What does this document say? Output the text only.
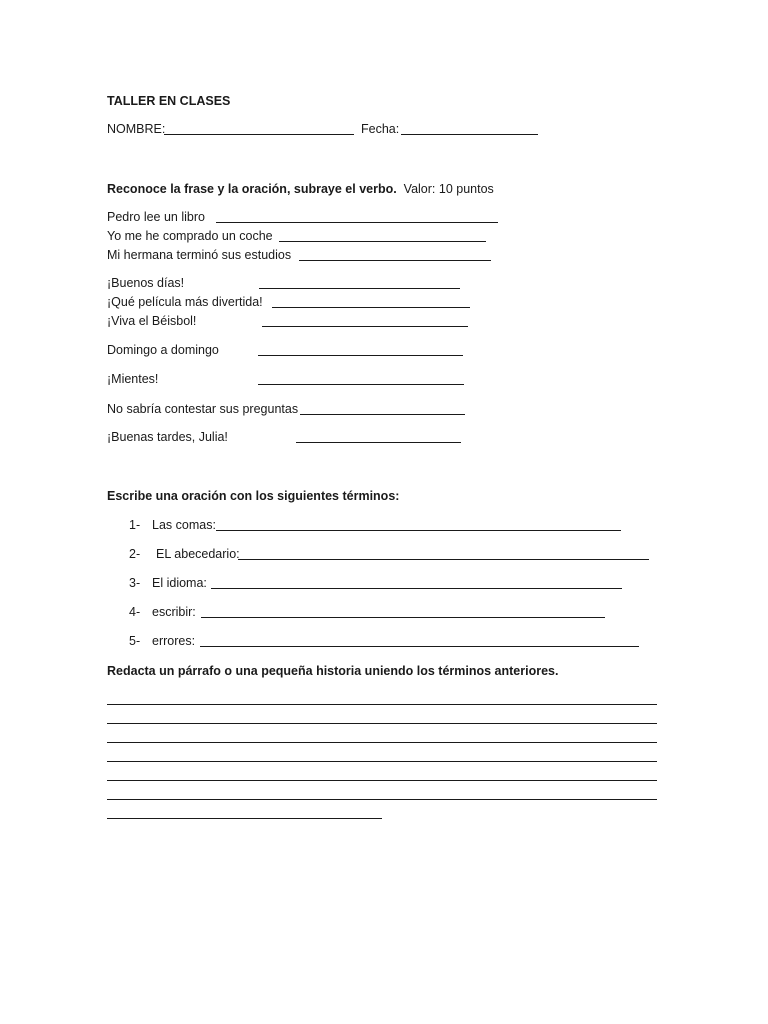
TALLER EN CLASES
NOMBRE:	Fecha:
Reconoce la frase y la oración, subraye el verbo. Valor: 10 puntos
Pedro lee un libro
Yo me he comprado un coche
Mi hermana terminó sus estudios
¡Buenos días!
¡Qué película más divertida!
¡Viva el Béisbol!
Domingo a domingo
¡Mientes!
No sabría contestar sus preguntas
¡Buenas tardes, Julia!
Escribe una oración con los siguientes términos:
1- Las comas:
2- EL abecedario:
3- El idioma:
4- escribir:
5- errores:
Redacta un párrafo o una pequeña historia uniendo los términos anteriores.
